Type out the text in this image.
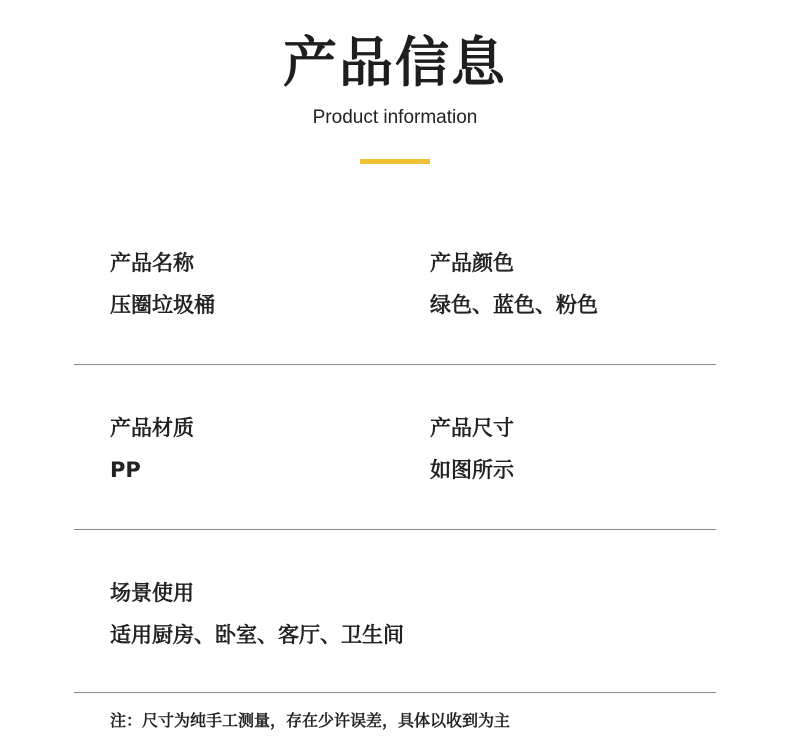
产品信息
Product information
产品名称
压圈垃圾桶
产品颜色
绿色、蓝色、粉色
产品材质
PP
产品尺寸
如图所示
场景使用
适用厨房、卧室、客厅、卫生间
注：尺寸为纯手工测量，存在少许误差，具体以收到为主
